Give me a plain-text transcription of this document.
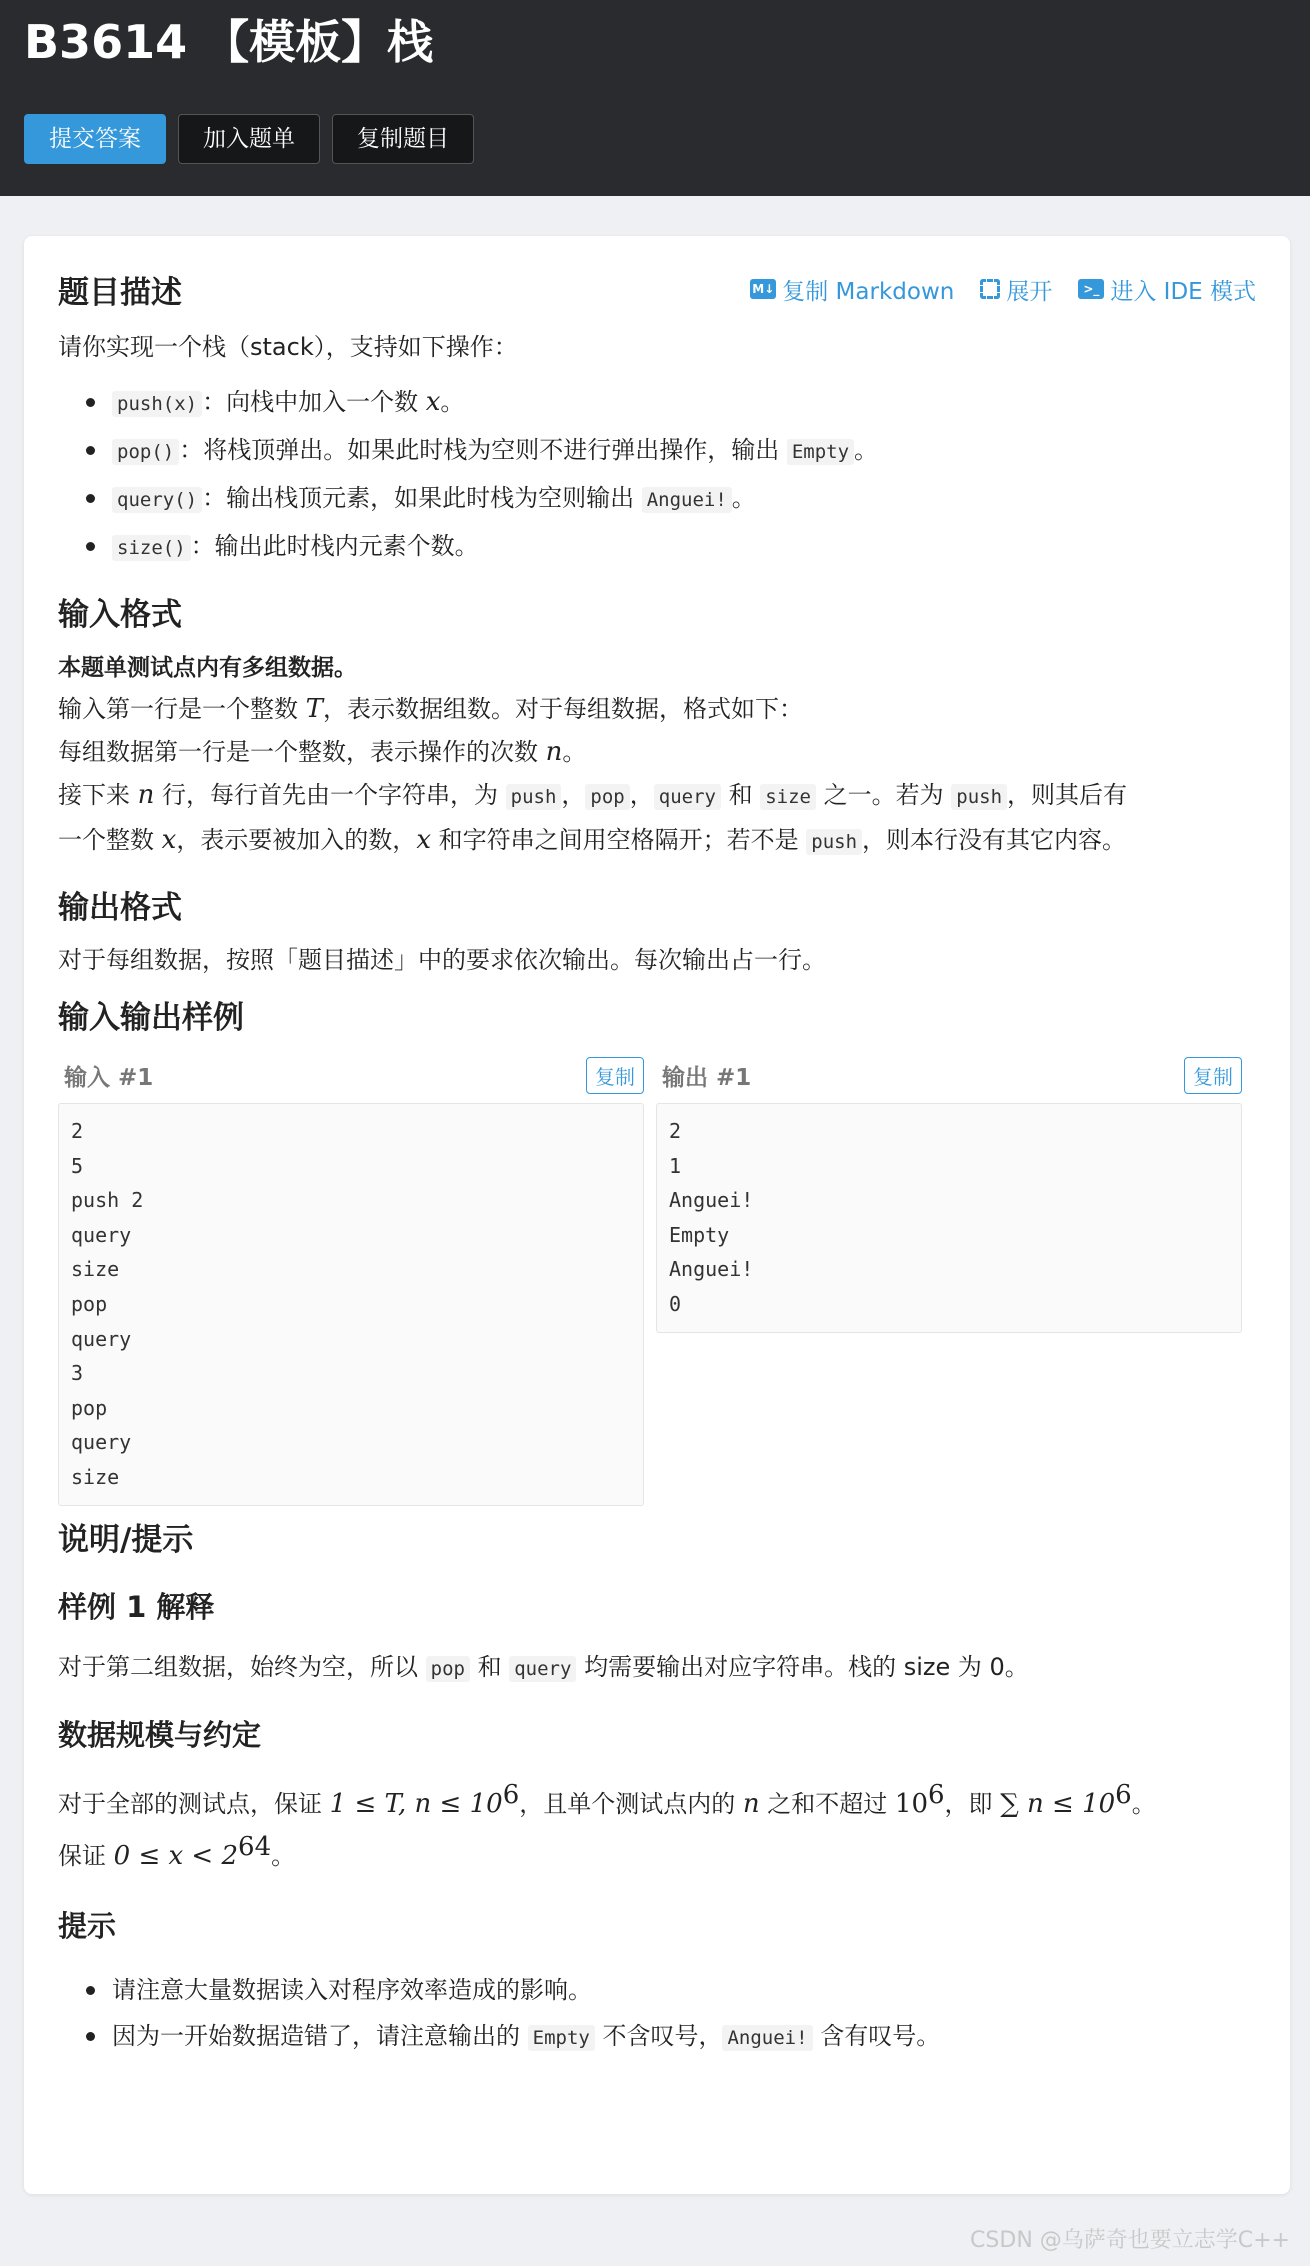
B3614 【模板】栈
提交答案	加入题单	复制题目
题目描述	M↓ 复制 Markdown 展开	>_ 进入 IDE 模式

请你实现一个栈（stack），支持如下操作：

push(x) ：向栈中加入一个数 x。
pop() ：将栈顶弹出。如果此时栈为空则不进行弹出操作，输出 Empty 。
query() ：输出栈顶元素，如果此时栈为空则输出 Anguei! 。
size() ：输出此时栈内元素个数。
输入格式

本题单测试点内有多组数据。

输入第一行是一个整数 T，表示数据组数。对于每组数据，格式如下：

每组数据第一行是一个整数，表示操作的次数 n。

接下来 n 行，每行首先由一个字符串，为 push ， pop ， query 和 size 之一。若为 push ，则其后有

一个整数 x，表示要被加入的数，x 和字符串之间用空格隔开；若不是 push ，则本行没有其它内容。

输出格式

对于每组数据，按照「题目描述」中的要求依次输出。每次输出占一行。

输入输出样例
输入 #1	复制
2
5
push 2
query
size
pop
query
3
pop
query
size
输出 #1	复制
2
1
Anguei!
Empty
Anguei!
0
说明/提示
样例 1 解释

对于第二组数据，始终为空，所以 pop 和 query 均需要输出对应字符串。栈的 size 为 0。

数据规模与约定

对于全部的测试点，保证 1 ≤ T, $n \le 10^6$，且单个测试点内的 n 之和不超过 $10^6$，即 ∑ $n \le 10^6$。

保证 $0 \le x < 2^{64}$。

提示
请注意大量数据读入对程序效率造成的影响。
因为一开始数据造错了，请注意输出的 Empty 不含叹号， Anguei! 含有叹号。
CSDN @乌萨奇也要立志学C++
